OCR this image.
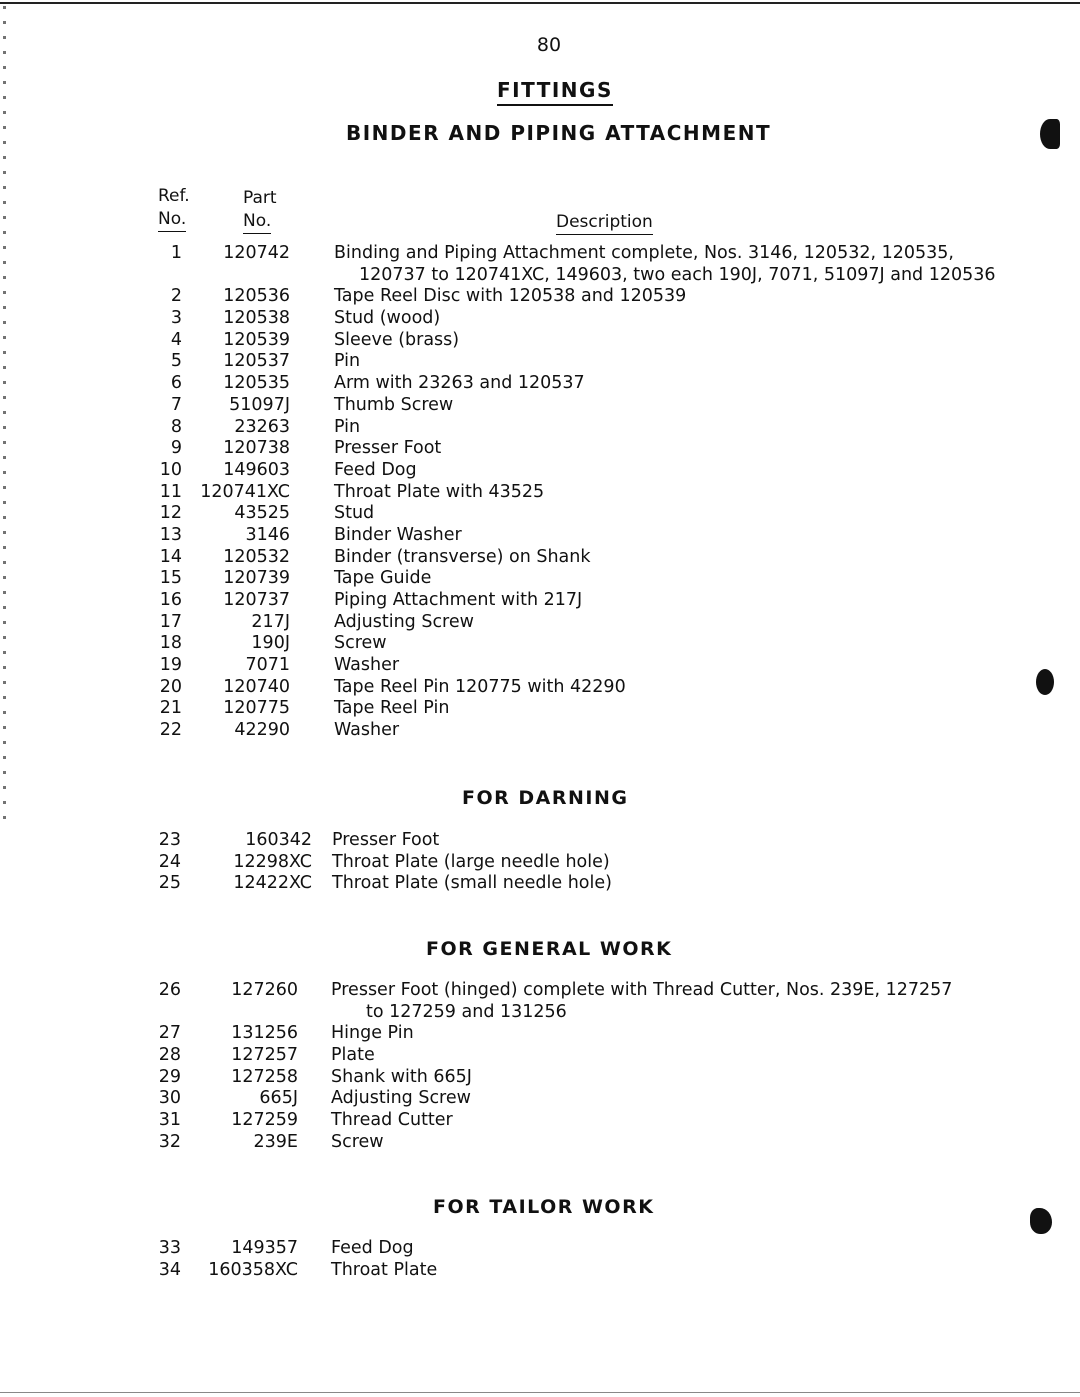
80
FITTINGS
BINDER AND PIPING ATTACHMENT
Ref.
No.
Part
No.	Description
1	120742	Binding and Piping Attachment complete, Nos. 3146, 120532, 120535,
120737 to 120741XC, 149603, two each 190J, 7071, 51097J and 120536
2	120536	Tape Reel Disc with 120538 and 120539
3	120538	Stud (wood)
4	120539	Sleeve (brass)
5	120537	Pin
6	120535	Arm with 23263 and 120537
7	51097J	Thumb Screw
8	23263	Pin
9	120738	Presser Foot
10	149603	Feed Dog
11 120741XC	Throat Plate with 43525
12	43525	Stud
13	3146	Binder Washer
14	120532	Binder (transverse) on Shank
15	120739	Tape Guide
16	120737	Piping Attachment with 217J
17	217J	Adjusting Screw
18	190J	Screw
19	7071	Washer
20	120740	Tape Reel Pin 120775 with 42290
21	120775	Tape Reel Pin
22	42290	Washer
FOR DARNING
23	160342 Presser Foot
24	12298XC Throat Plate (large needle hole)
25	12422XC Throat Plate (small needle hole)
FOR GENERAL WORK
26	127260 Presser Foot (hinged) complete with Thread Cutter, Nos. 239E, 127257
to 127259 and 131256
27	131256 Hinge Pin
28	127257 Plate
29	127258 Shank with 665J
30	665J Adjusting Screw
31	127259 Thread Cutter
32	239E Screw
FOR TAILOR WORK
33	149357 Feed Dog
34 160358XC Throat Plate
